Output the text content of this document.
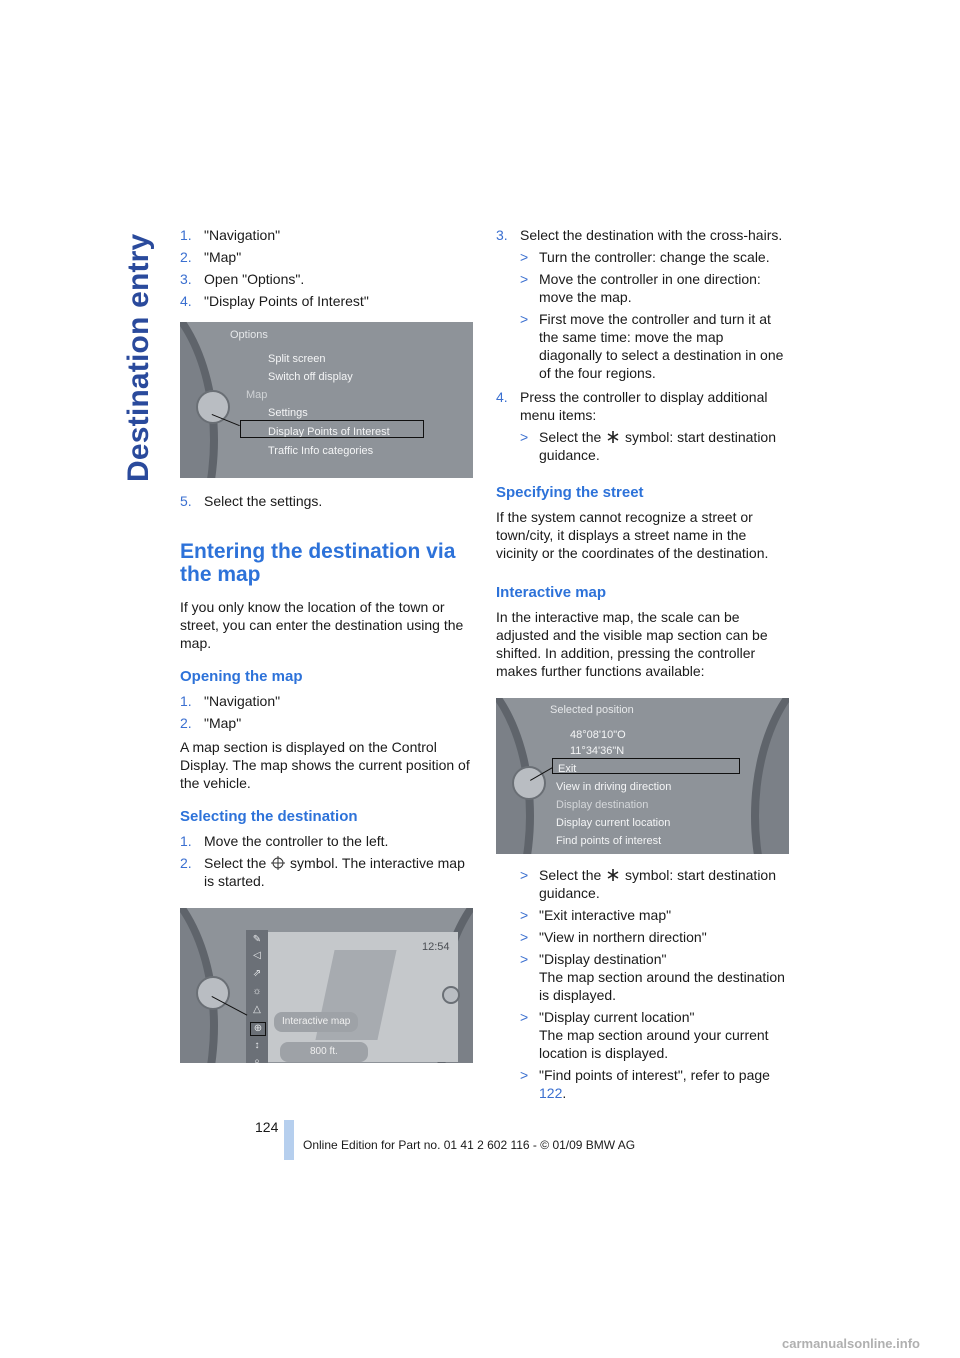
Destination entry 1. "Navigation"
2. "Map"
3. Open "Options".
4. "Display Points of Interest"
Options
Split screen
Switch off display
Map
Settings
Display Points of Interest
Traffic Info categories
5. Select the settings.
Entering the destination via the map

If you only know the location of the town or street, you can enter the destination using the map.

Opening the map
1. "Navigation"
2. "Map"

A map section is displayed on the Control Display. The map shows the current position of the vehicle.

Selecting the destination
1. Move the controller to the left.
2. Select the symbol. The interactive map is started.
✎
◁
⇗
☼
△
⊕
↕
⌕
12:54
Interactive map
800 ft.
3. Select the destination with the cross-hairs.
> Turn the controller: change the scale.
> Move the controller in one direction: move the map.
> First move the controller and turn it at the same time: move the map diagonally to select a destination in one of the four regions.
4. Press the controller to display additional menu items:
> Select the symbol: start destination guidance.
Specifying the street

If the system cannot recognize a street or town/city, it displays a street name in the vicinity or the coordinates of the destination.

Interactive map

In the interactive map, the scale can be adjusted and the visible map section can be shifted. In addition, pressing the controller makes further functions available:

Selected position
48°08'10"O
11°34'36"N
Exit
View in driving direction
Display destination
Display current location
Find points of interest
> Select the symbol: start destination guidance.
> "Exit interactive map"
> "View in northern direction"
> "Display destination"
The map section around the destination is displayed.
> "Display current location"
The map section around your current location is displayed.
> "Find points of interest", refer to page 122.
124
Online Edition for Part no. 01 41 2 602 116 - © 01/09 BMW AG
carmanualsonline.info
